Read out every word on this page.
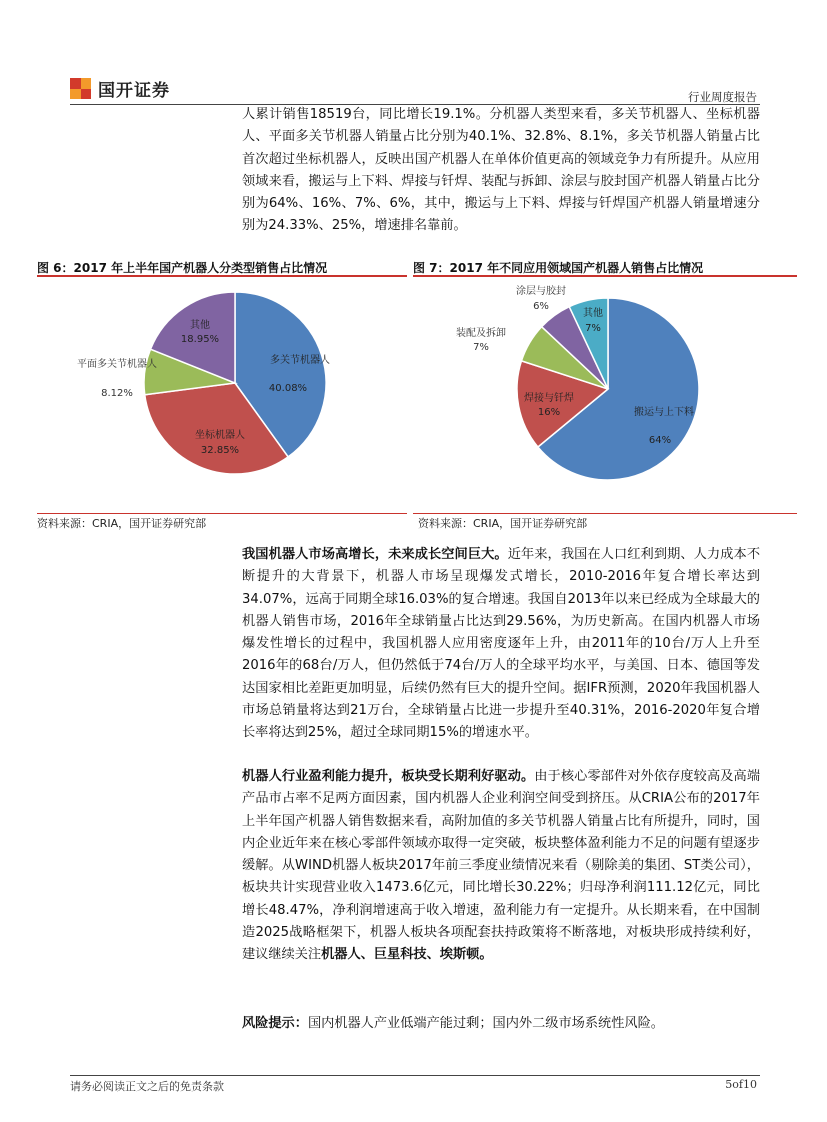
国开证券	行业周度报告

人累计销售18519台，同比增长19.1%。分机器人类型来看，多关节机器人、坐标机器人、平面多关节机器人销量占比分别为40.1%、32.8%、8.1%，多关节机器人销量占比首次超过坐标机器人，反映出国产机器人在单体价值更高的领域竞争力有所提升。从应用领域来看，搬运与上下料、焊接与钎焊、装配与拆卸、涂层与胶封国产机器人销量占比分别为64%、16%、7%、6%，其中，搬运与上下料、焊接与钎焊国产机器人销量增速分别为24.33%、25%，增速排名靠前。

图 6：2017 年上半年国产机器人分类型销售占比情况	图 7：2017 年不同应用领域国产机器人销售占比情况
多关节机器人
40.08%
坐标机器人
32.85%
平面多关节机器人
8.12%
其他
18.95%
搬运与上下料
64%
焊接与钎焊
16%
装配及拆卸
7%
涂层与胶封
6%
其他
7%
资料来源：CRIA，国开证券研究部	资料来源：CRIA，国开证券研究部

我国机器人市场高增长，未来成长空间巨大。近年来，我国在人口红利到期、人力成本不断提升的大背景下，机器人市场呈现爆发式增长，2010-2016年复合增长率达到34.07%，远高于同期全球16.03%的复合增速。我国自2013年以来已经成为全球最大的机器人销售市场，2016年全球销量占比达到29.56%，为历史新高。在国内机器人市场爆发性增长的过程中，我国机器人应用密度逐年上升，由2011年的10台/万人上升至2016年的68台/万人，但仍然低于74台/万人的全球平均水平，与美国、日本、德国等发达国家相比差距更加明显，后续仍然有巨大的提升空间。据IFR预测，2020年我国机器人市场总销量将达到21万台，全球销量占比进一步提升至40.31%，2016-2020年复合增长率将达到25%，超过全球同期15%的增速水平。

机器人行业盈利能力提升，板块受长期利好驱动。由于核心零部件对外依存度较高及高端产品市占率不足两方面因素，国内机器人企业利润空间受到挤压。从CRIA公布的2017年上半年国产机器人销售数据来看，高附加值的多关节机器人销量占比有所提升，同时，国内企业近年来在核心零部件领域亦取得一定突破，板块整体盈利能力不足的问题有望逐步缓解。从WIND机器人板块2017年前三季度业绩情况来看（剔除美的集团、ST类公司），板块共计实现营业收入1473.6亿元，同比增长30.22%；归母净利润111.12亿元，同比增长48.47%，净利润增速高于收入增速，盈利能力有一定提升。从长期来看，在中国制造2025战略框架下，机器人板块各项配套扶持政策将不断落地，对板块形成持续利好，建议继续关注机器人、巨星科技、埃斯顿。

风险提示：国内机器人产业低端产能过剩；国内外二级市场系统性风险。

请务必阅读正文之后的免责条款	5of10
